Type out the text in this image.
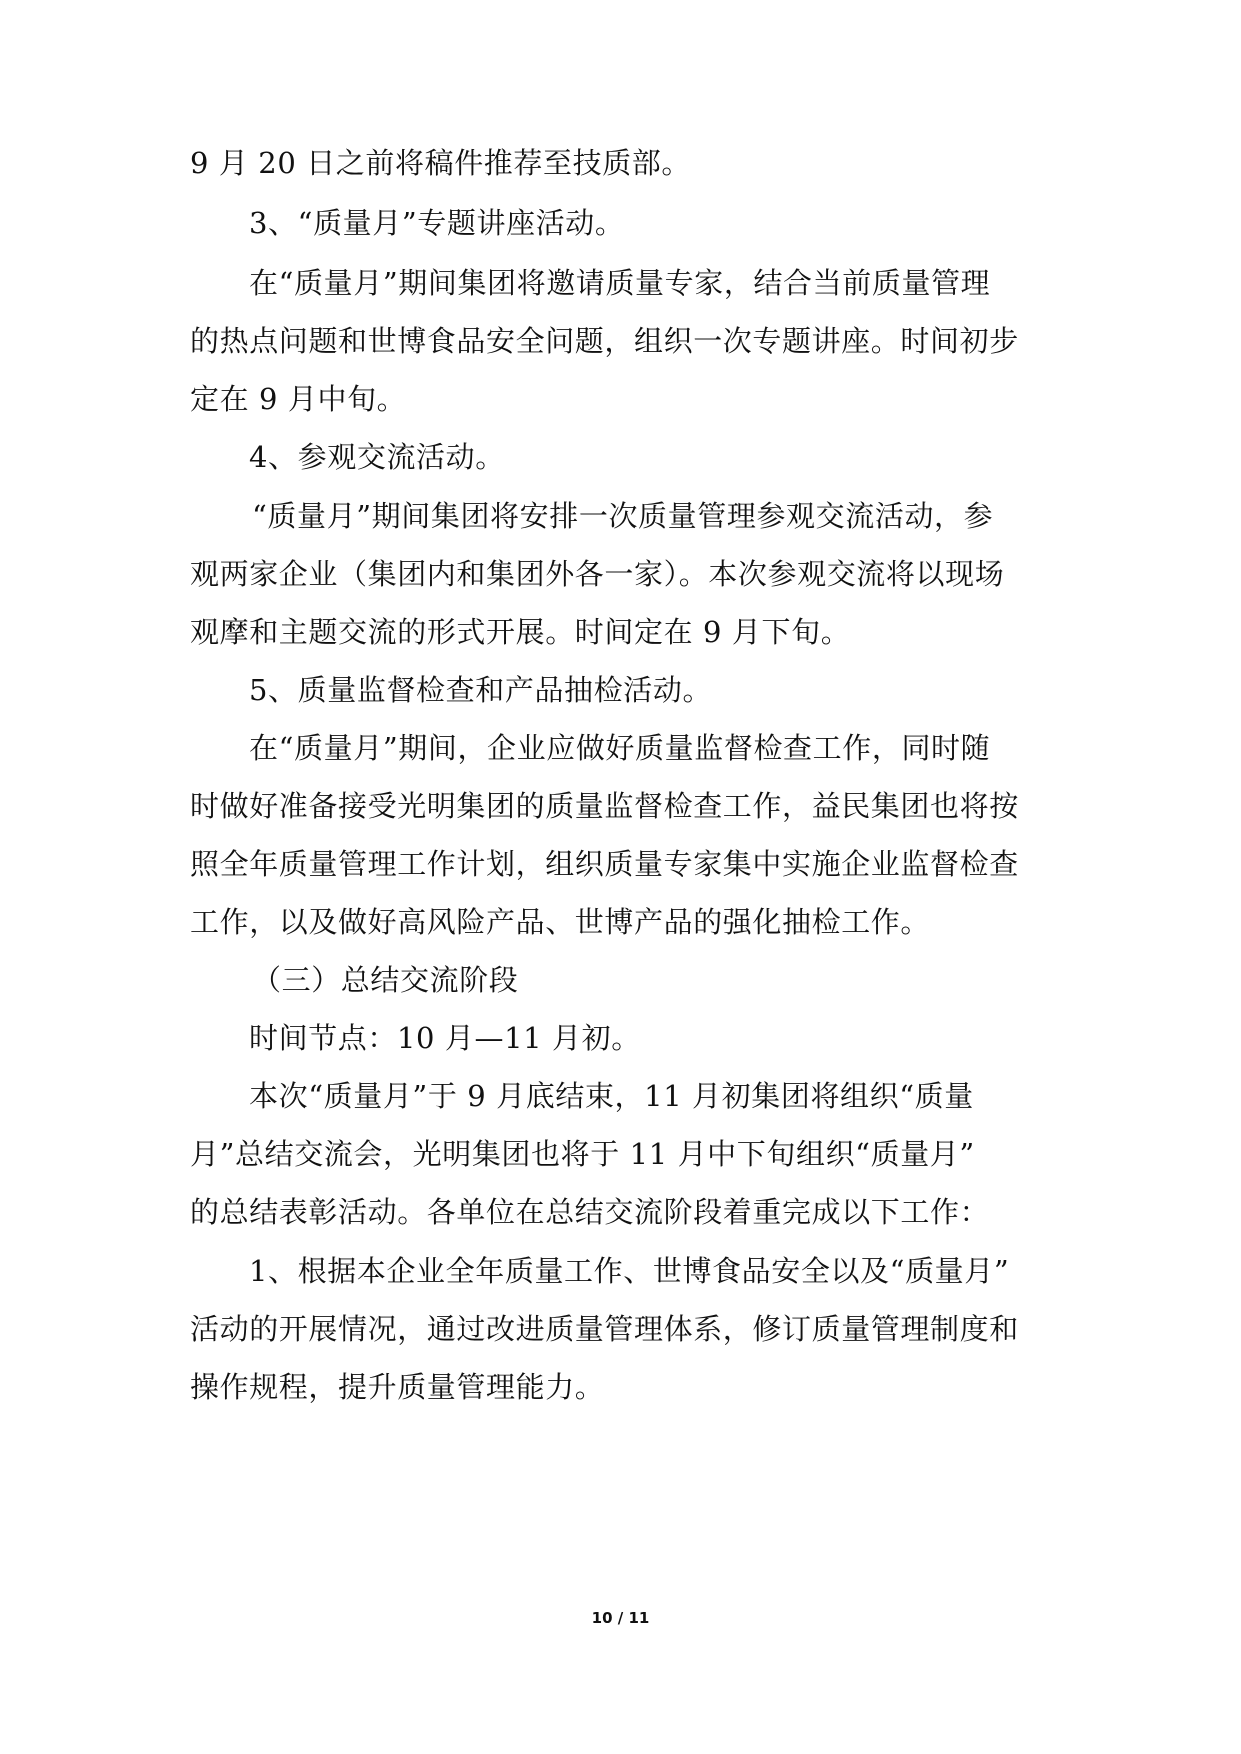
9 月 20 日之前将稿件推荐至技质部。
3、“质量月”专题讲座活动。
在“质量月”期间集团将邀请质量专家，结合当前质量管理
的热点问题和世博食品安全问题，组织一次专题讲座。时间初步
定在 9 月中旬。
4、参观交流活动。
“质量月”期间集团将安排一次质量管理参观交流活动，参
观两家企业（集团内和集团外各一家）。本次参观交流将以现场
观摩和主题交流的形式开展。时间定在 9 月下旬。
5、质量监督检查和产品抽检活动。
在“质量月”期间，企业应做好质量监督检查工作，同时随
时做好准备接受光明集团的质量监督检查工作，益民集团也将按
照全年质量管理工作计划，组织质量专家集中实施企业监督检查
工作，以及做好高风险产品、世博产品的强化抽检工作。
（三）总结交流阶段
时间节点：10 月—11 月初。
本次“质量月”于 9 月底结束，11 月初集团将组织“质量
月”总结交流会，光明集团也将于 11 月中下旬组织“质量月”
的总结表彰活动。各单位在总结交流阶段着重完成以下工作：
1、根据本企业全年质量工作、世博食品安全以及“质量月”
活动的开展情况，通过改进质量管理体系，修订质量管理制度和
操作规程，提升质量管理能力。
10 / 11
